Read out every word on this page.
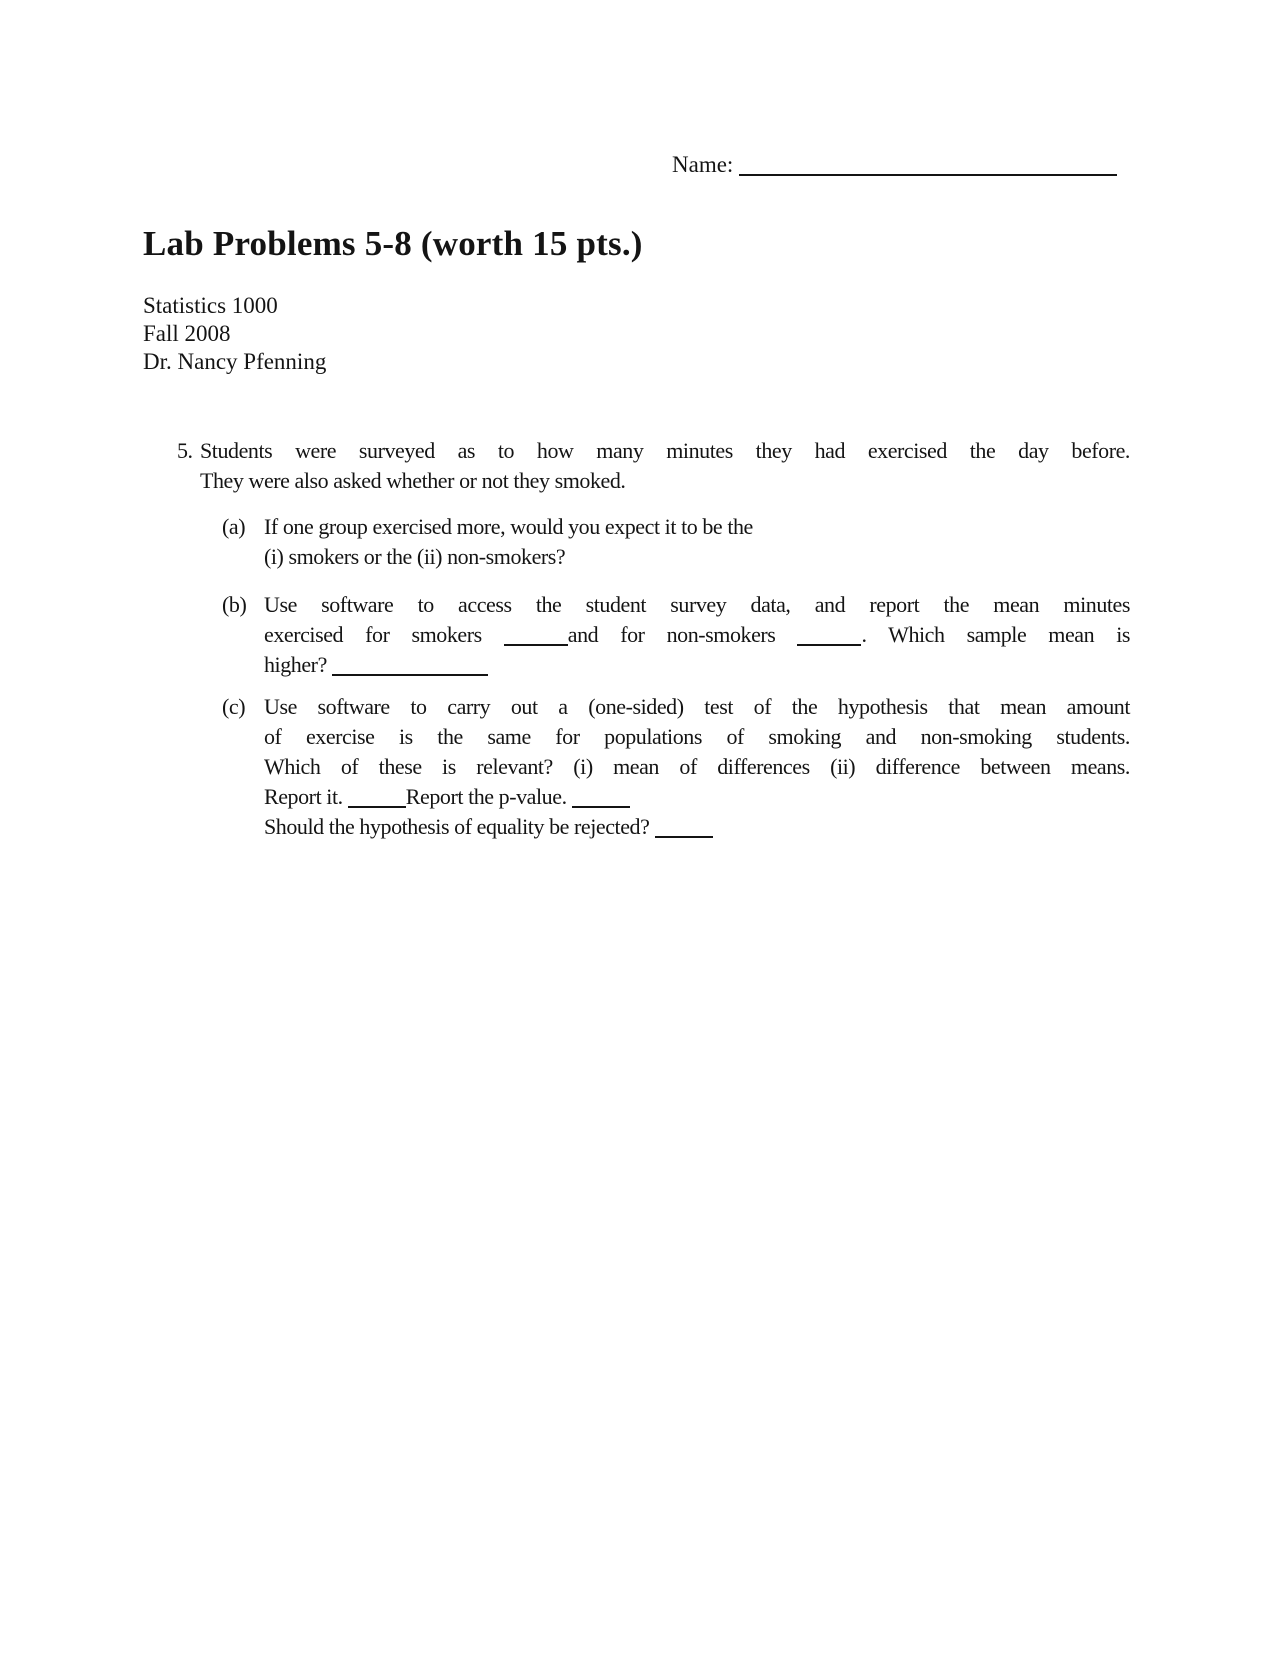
Name:
Lab Problems 5-8 (worth 15 pts.)
Statistics 1000
Fall 2008
Dr. Nancy Pfenning
5. Students were surveyed as to how many minutes they had exercised the day before.
They were also asked whether or not they smoked.
(a) If one group exercised more, would you expect it to be the
(i) smokers or the (ii) non-smokers?
(b) Use software to access the student survey data, and report the mean minutes
exercised for smokers	and for non-smokers	. Which sample mean is
higher?
(c) Use software to carry out a (one-sided) test of the hypothesis that mean amount
of exercise is the same for populations of smoking and non-smoking students.
Which of these is relevant? (i) mean of differences (ii) difference between means.
Report it.	Report the p-value.
Should the hypothesis of equality be rejected?
